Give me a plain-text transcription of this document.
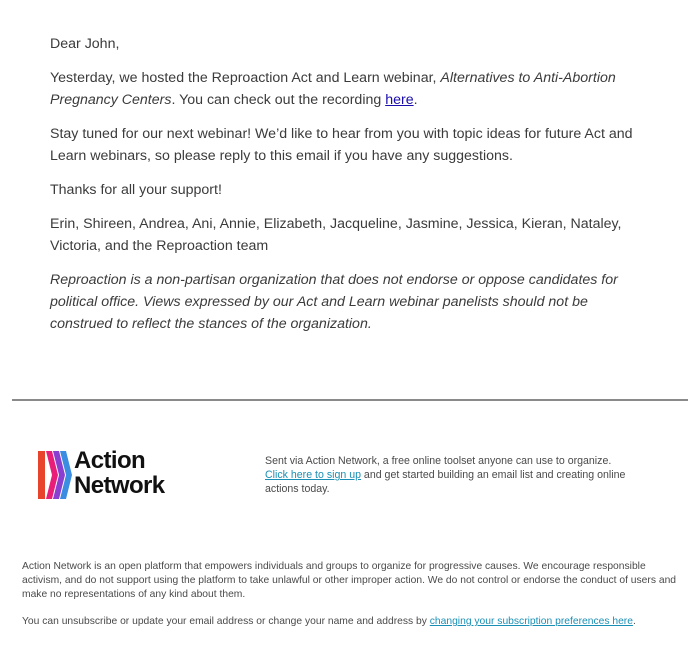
Dear John,

Yesterday, we hosted the Reproaction Act and Learn webinar, Alternatives to Anti-Abortion Pregnancy Centers. You can check out the recording here.

Stay tuned for our next webinar! We’d like to hear from you with topic ideas for future Act and Learn webinars, so please reply to this email if you have any suggestions.

Thanks for all your support!

Erin, Shireen, Andrea, Ani, Annie, Elizabeth, Jacqueline, Jasmine, Jessica, Kieran, Nataley, Victoria, and the Reproaction team

Reproaction is a non-partisan organization that does not endorse or oppose candidates for political office. Views expressed by our Act and Learn webinar panelists should not be construed to reflect the stances of the organization.

Action
Network
Sent via Action Network, a free online toolset anyone can use to organize.
Click here to sign up and get started building an email list and creating online actions today.

Action Network is an open platform that empowers individuals and groups to organize for progressive causes. We encourage responsible activism, and do not support using the platform to take unlawful or other improper action. We do not control or endorse the conduct of users and make no representations of any kind about them.

You can unsubscribe or update your email address or change your name and address by changing your subscription preferences here.
